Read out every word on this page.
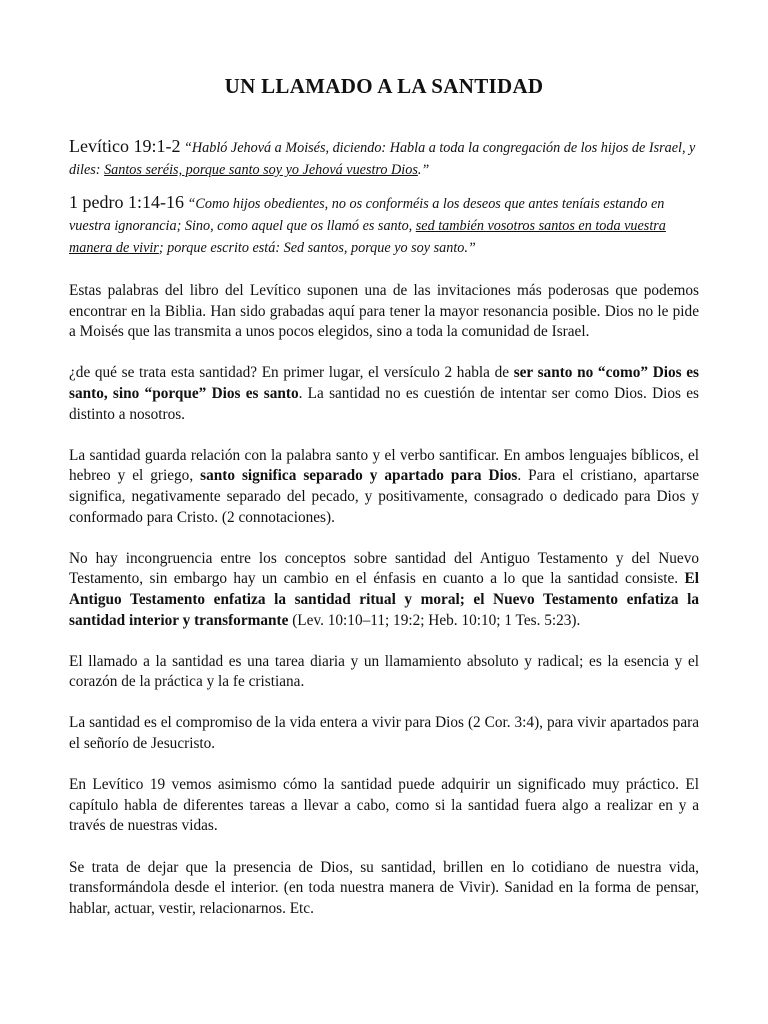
UN LLAMADO A LA SANTIDAD
Levítico 19:1-2 “Habló Jehová a Moisés, diciendo: Habla a toda la congregación de los hijos de Israel, y diles: Santos seréis, porque santo soy yo Jehová vuestro Dios.”
1 pedro 1:14-16 “Como hijos obedientes, no os conforméis a los deseos que antes teníais estando en vuestra ignorancia; Sino, como aquel que os llamó es santo, sed también vosotros santos en toda vuestra manera de vivir; porque escrito está: Sed santos, porque yo soy santo.”

Estas palabras del libro del Levítico suponen una de las invitaciones más poderosas que podemos encontrar en la Biblia. Han sido grabadas aquí para tener la mayor resonancia posible. Dios no le pide a Moisés que las transmita a unos pocos elegidos, sino a toda la comunidad de Israel.

¿de qué se trata esta santidad? En primer lugar, el versículo 2 habla de ser santo no “como” Dios es santo, sino “porque” Dios es santo. La santidad no es cuestión de intentar ser como Dios. Dios es distinto a nosotros.

La santidad guarda relación con la palabra santo y el verbo santificar. En ambos lenguajes bíblicos, el hebreo y el griego, santo significa separado y apartado para Dios. Para el cristiano, apartarse significa, negativamente separado del pecado, y positivamente, consagrado o dedicado para Dios y conformado para Cristo. (2 connotaciones).

No hay incongruencia entre los conceptos sobre santidad del Antiguo Testamento y del Nuevo Testamento, sin embargo hay un cambio en el énfasis en cuanto a lo que la santidad consiste. El Antiguo Testamento enfatiza la santidad ritual y moral; el Nuevo Testamento enfatiza la santidad interior y transformante (Lev. 10:10–11; 19:2; Heb. 10:10; 1 Tes. 5:23).

El llamado a la santidad es una tarea diaria y un llamamiento absoluto y radical; es la esencia y el corazón de la práctica y la fe cristiana.

La santidad es el compromiso de la vida entera a vivir para Dios (2 Cor. 3:4), para vivir apartados para el señorío de Jesucristo.

En Levítico 19 vemos asimismo cómo la santidad puede adquirir un significado muy práctico. El capítulo habla de diferentes tareas a llevar a cabo, como si la santidad fuera algo a realizar en y a través de nuestras vidas.

Se trata de dejar que la presencia de Dios, su santidad, brillen en lo cotidiano de nuestra vida, transformándola desde el interior. (en toda nuestra manera de Vivir). Sanidad en la forma de pensar, hablar, actuar, vestir, relacionarnos. Etc.
